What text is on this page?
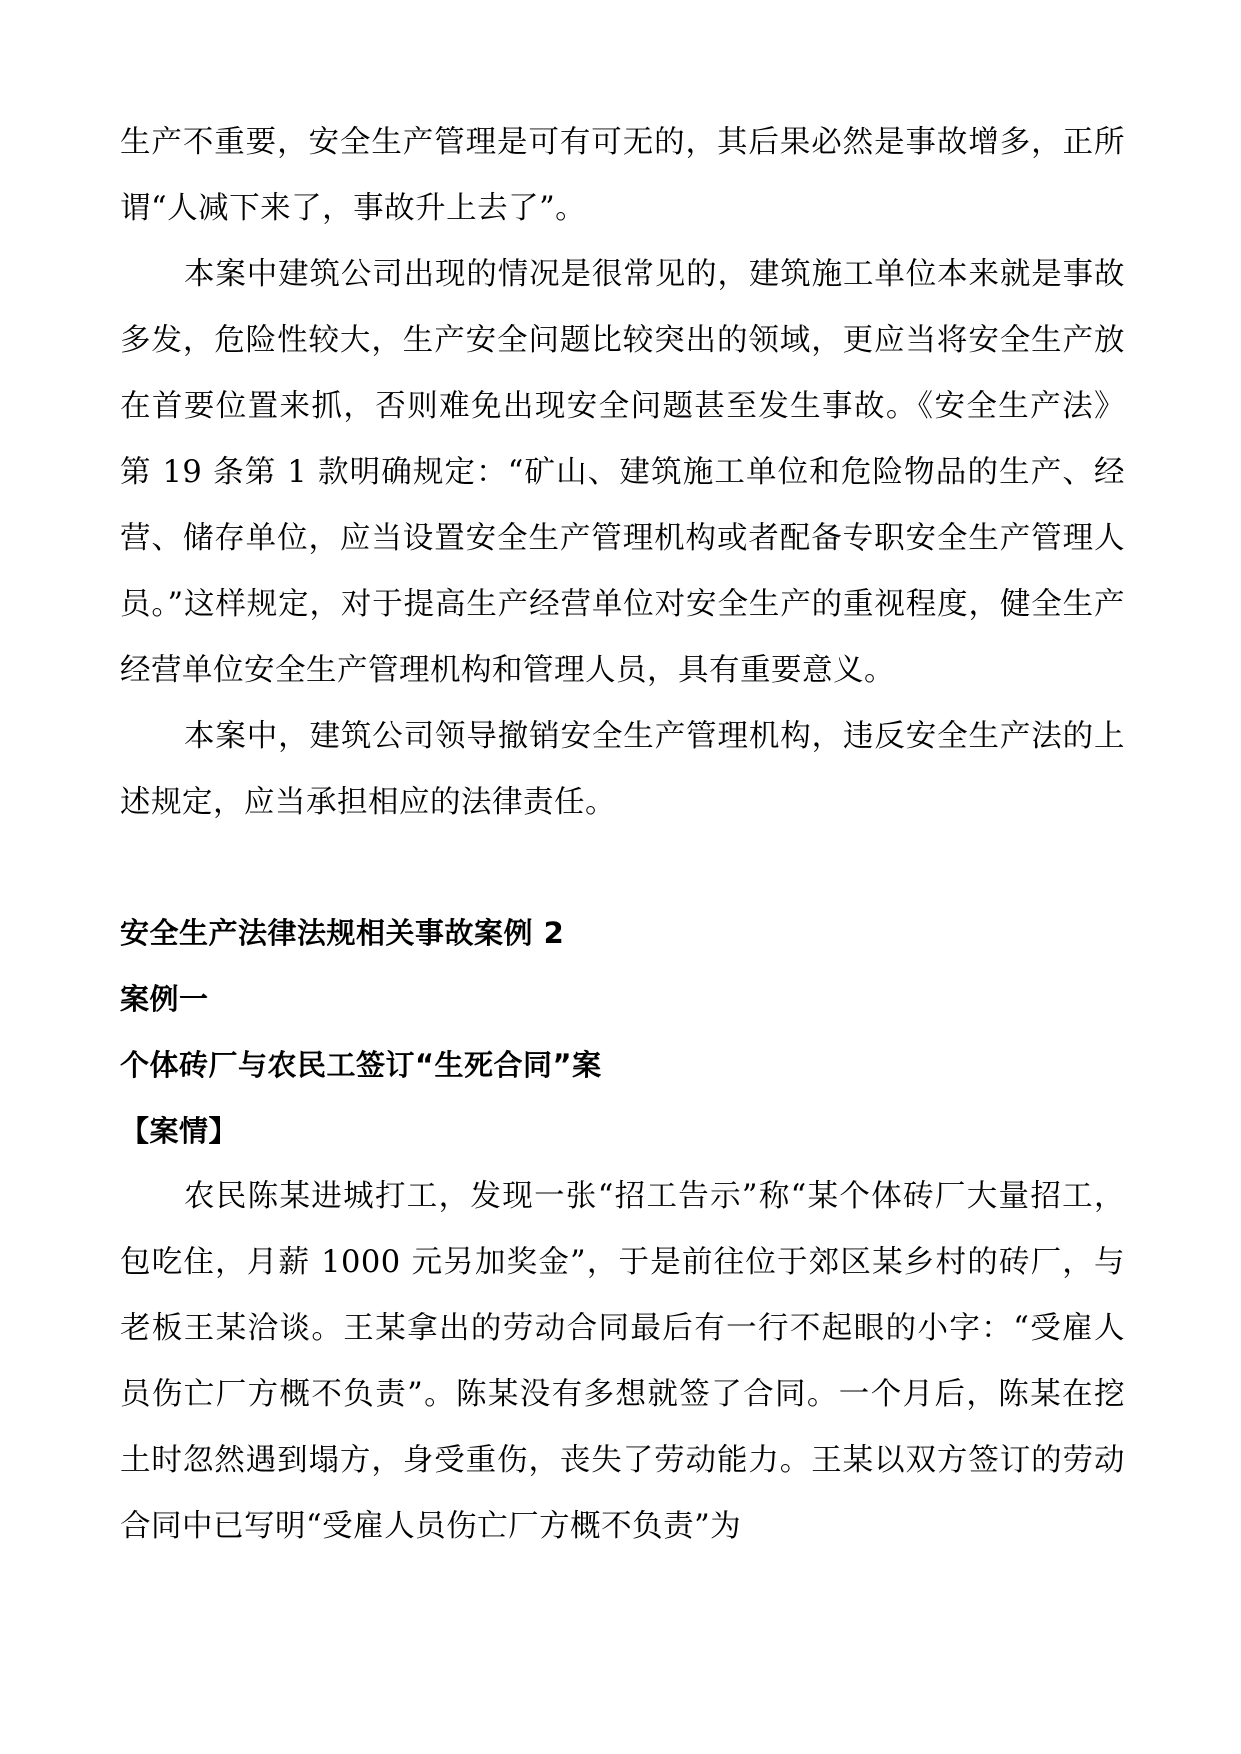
生产不重要，安全生产管理是可有可无的，其后果必然是事故增多，正所谓“人减下来了，事故升上去了”。

本案中建筑公司出现的情况是很常见的，建筑施工单位本来就是事故多发，危险性较大，生产安全问题比较突出的领域，更应当将安全生产放在首要位置来抓，否则难免出现安全问题甚至发生事故。《安全生产法》第 19 条第 1 款明确规定：“矿山、建筑施工单位和危险物品的生产、经营、储存单位，应当设置安全生产管理机构或者配备专职安全生产管理人员。”这样规定，对于提高生产经营单位对安全生产的重视程度，健全生产经营单位安全生产管理机构和管理人员，具有重要意义。

本案中，建筑公司领导撤销安全生产管理机构，违反安全生产法的上述规定，应当承担相应的法律责任。

安全生产法律法规相关事故案例 2
案例一
个体砖厂与农民工签订“生死合同”案
【案情】

农民陈某进城打工，发现一张“招工告示”称“某个体砖厂大量招工，包吃住，月薪 1000 元另加奖金”，于是前往位于郊区某乡村的砖厂，与老板王某洽谈。王某拿出的劳动合同最后有一行不起眼的小字：“受雇人员伤亡厂方概不负责”。陈某没有多想就签了合同。一个月后，陈某在挖土时忽然遇到塌方，身受重伤，丧失了劳动能力。王某以双方签订的劳动合同中已写明“受雇人员伤亡厂方概不负责”为
